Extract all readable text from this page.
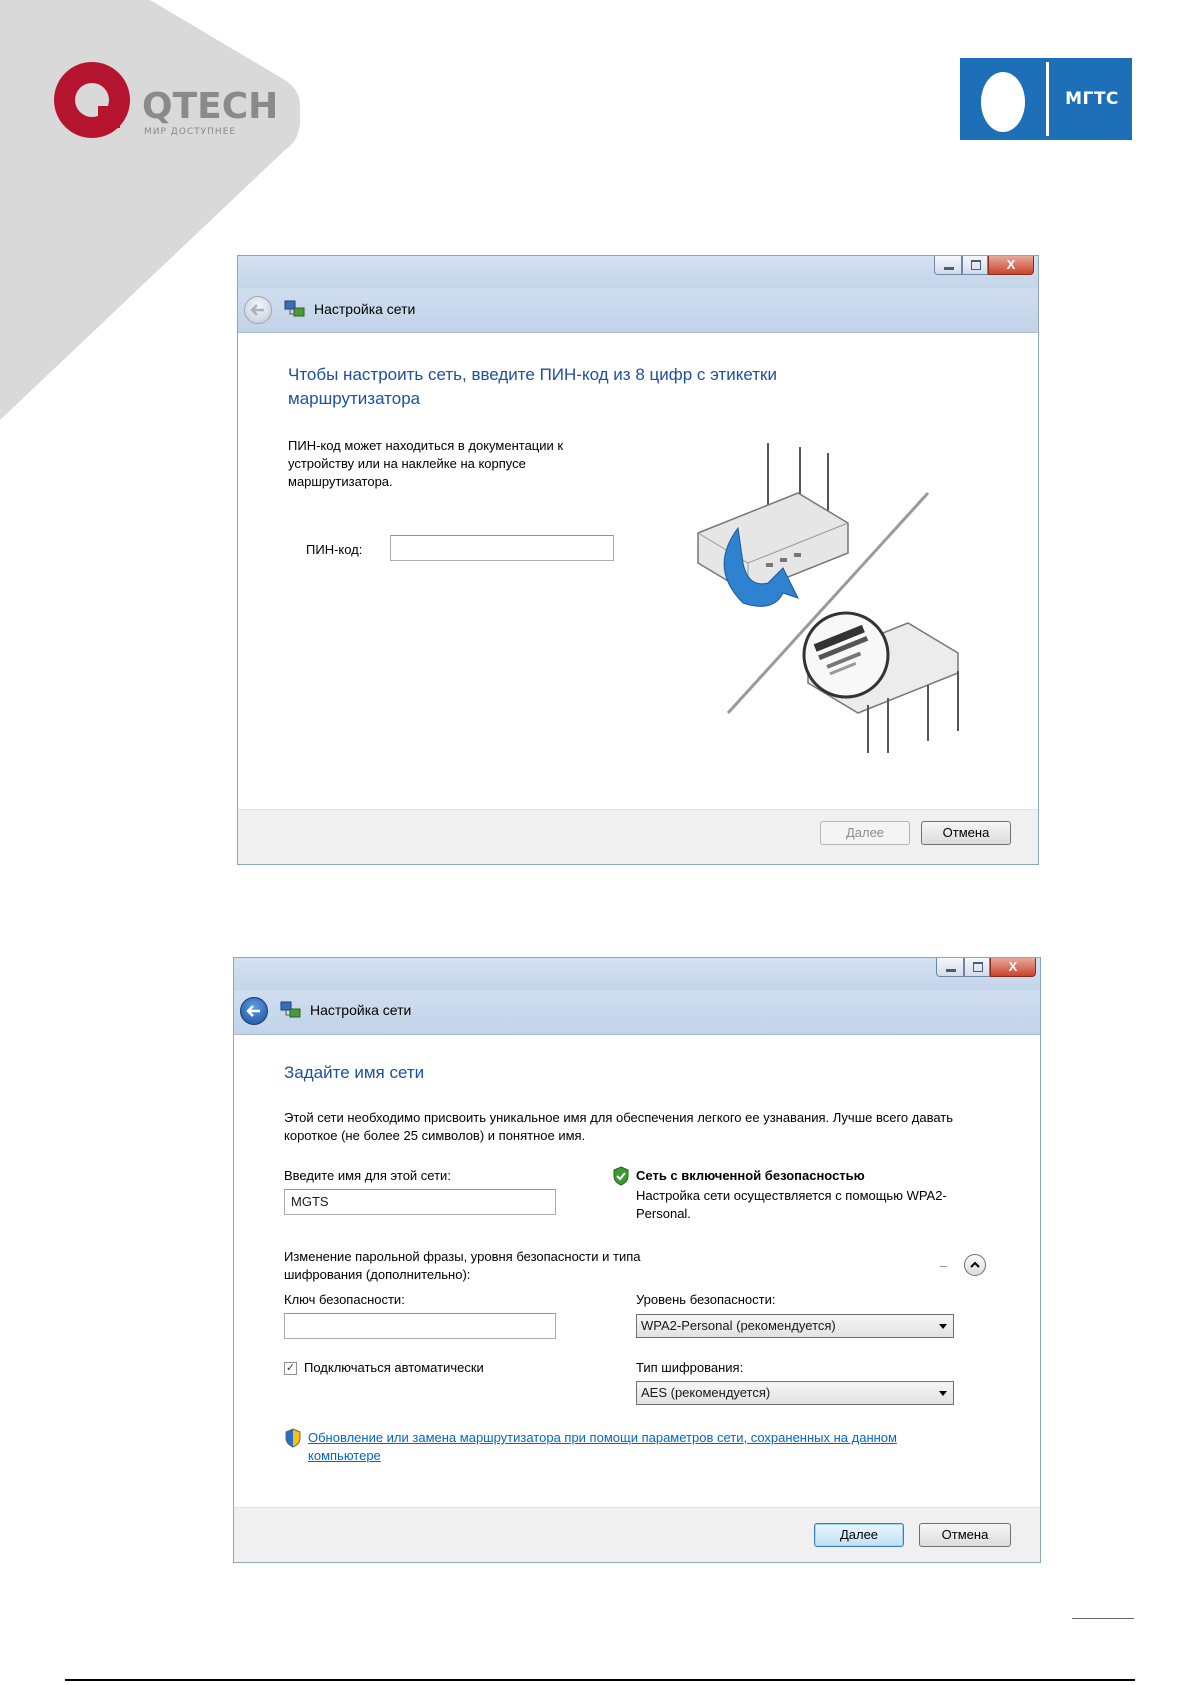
QTECH
МИР ДОСТУПНЕЕ
МГТС
X
Настройка сети
Чтобы настроить сеть, введите ПИН-код из 8 цифр с этикетки маршрутизатора
ПИН-код может находиться в документации к устройству или на наклейке на корпусе маршрутизатора.
ПИН-код:
Далее	Отмена
X
Настройка сети
Задайте имя сети
Этой сети необходимо присвоить уникальное имя для обеспечения легкого ее узнавания. Лучше всего давать короткое (не более 25 символов) и понятное имя.
Введите имя для этой сети:
MGTS
Сеть с включенной безопасностью
Настройка сети осуществляется с помощью WPA2-Personal.
Изменение парольной фразы, уровня безопасности и типа шифрования (дополнительно):
–
Ключ безопасности:	Уровень безопасности:
WPA2-Personal (рекомендуется)
✓ Подключаться автоматически	Тип шифрования:
AES (рекомендуется)
Обновление или замена маршрутизатора при помощи параметров сети, сохраненных на данном компьютере
Далее	Отмена
